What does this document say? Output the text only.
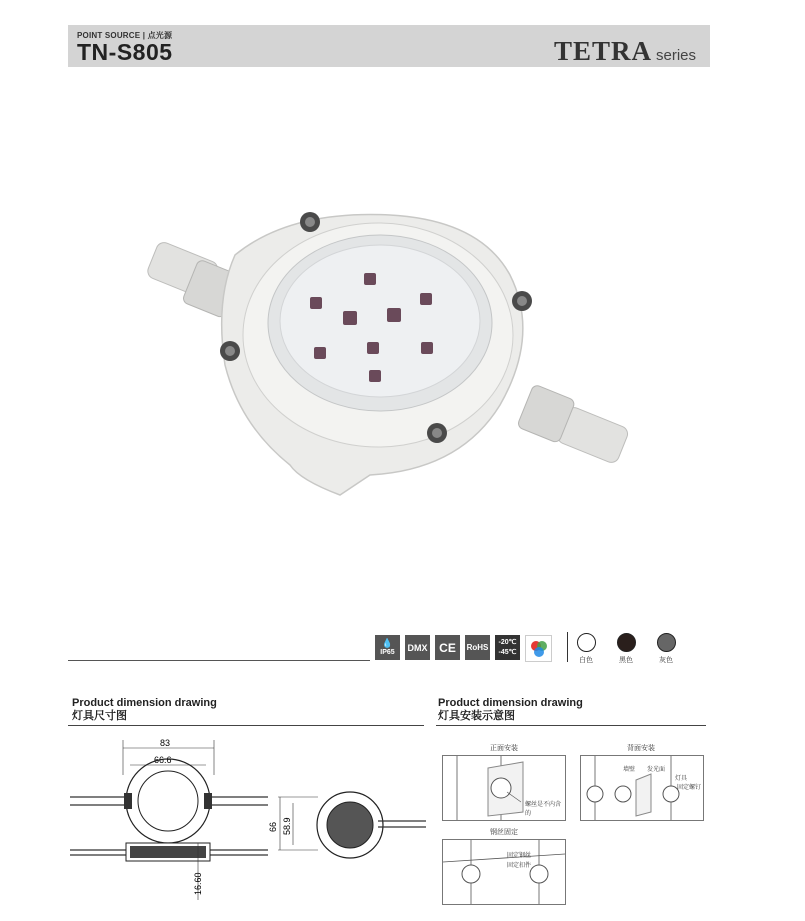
POINT SOURCE | 点光源
TN-S805	TETRA series
💧
IP65 DMX CE RoHS
-20℃
-45℃
白色	黑色	灰色
Product dimension drawing
灯具尺寸图
83
66.6
16.60
66 58.9
Product dimension drawing
灯具安装示意图
正面安装
螺丝是不内含的
背面安装
墙壁 发光面
灯具
固定螺钉
钢丝固定
固定钢丝
固定扣件
